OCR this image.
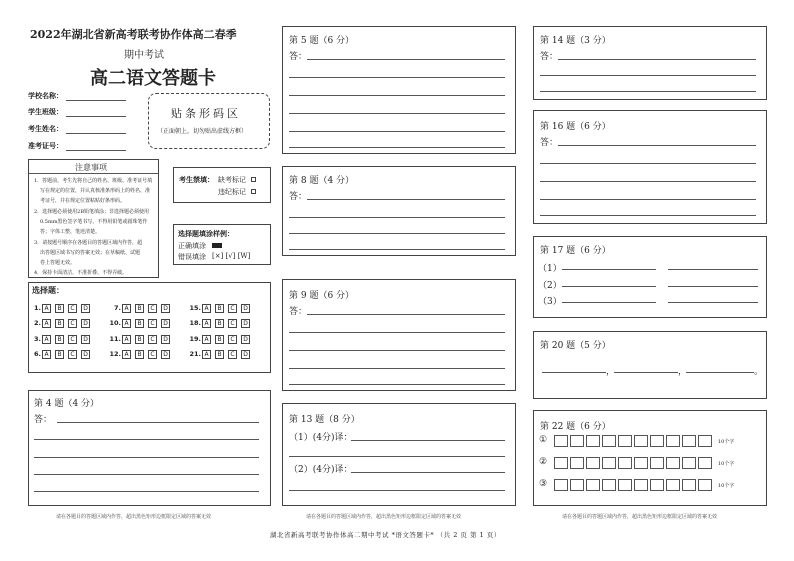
2022年湖北省新高考联考协作体高二春季
期中考试
高二语文答题卡
学校名称：
学生班级：
考生姓名：
准考证号：
贴条形码区
（正面朝上，切勿贴出虚线方框）
注意事项
1．答题前，考生先将自己的姓名、班级、准考证号填
写在规定的位置，并认真核准条形码上的姓名、准
考证号，并在规定位置粘贴好条形码。
2．选择题必须使用2B铅笔填涂；非选择题必须使用
0.5mm黑色签字笔书写，不得用铅笔或圆珠笔作
答；字体工整、笔迹清楚。
3．请按题号顺序在各题目的答题区域内作答，超
出答题区域书写的答案无效；在草稿纸、试题
卷上答题无效。
4．保持卡面清洁，不准折叠、不得弄破。
考生禁填： 缺考标记
违纪标记
选择题填涂样例：
正确填涂
错误填涂 [×] [√] [W]
选择题：
1. A	B	C	D
2. A	B	C	D
3. A	B	C	D
6. A	B	C	D
7. A	B	C	D
10. A	B	C	D
11. A	B	C	D
12. A	B	C	D
15. A	B	C	D
18. A	B	C	D
19. A	B	C	D
21. A	B	C	D
第 4 题（4 分）
答：
请在各题目的答题区域内作答，超出黑色矩形边框限定区域的答案无效
第 5 题（6 分）
答：
第 8 题（4 分）
答：
第 9 题（6 分）
答：
第 13 题（8 分）
（1）(4分)译：
（2）(4分)译：
请在各题目的答题区域内作答，超出黑色矩形边框限定区域的答案无效
第 14 题（3 分）
答：
第 16 题（6 分）
答：
第 17 题（6 分）
（1）
（2）
（3）
第 20 题（5 分）
，	，	。
第 22 题（6 分）
①	10个字
②	10个字
③	10个字
请在各题目的答题区域内作答，超出黑色矩形边框限定区域的答案无效
湖北省新高考联考协作体高二期中考试 *语文答题卡* （共 2 页 第 1 页）
